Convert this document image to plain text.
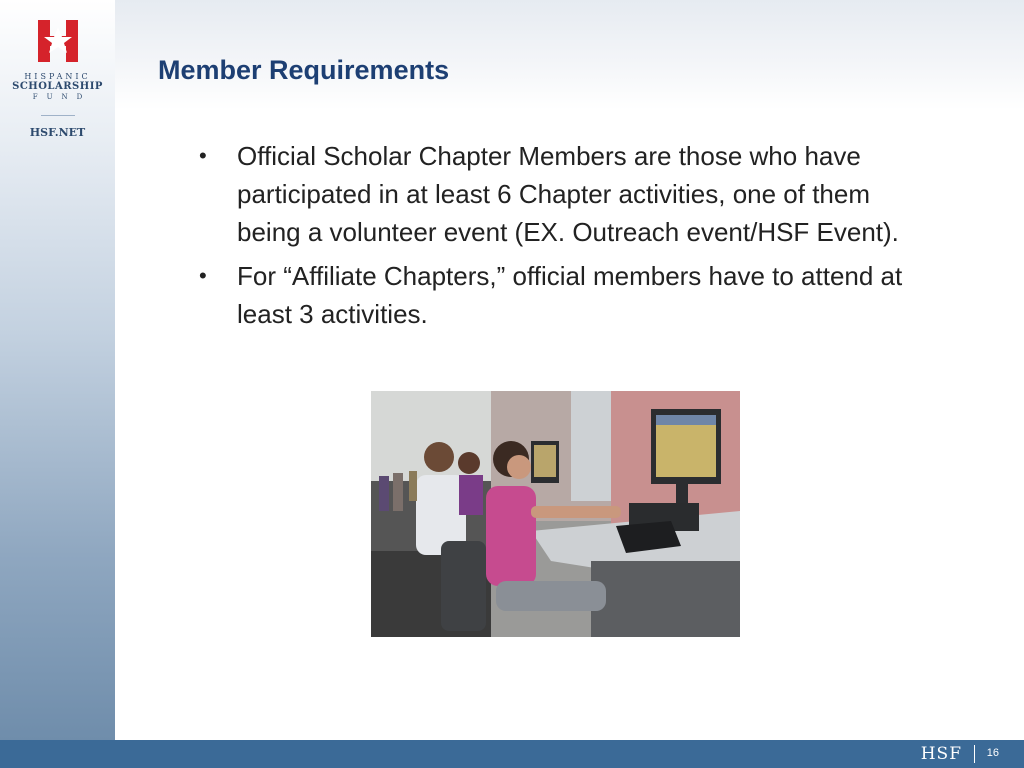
HISPANIC
SCHOLARSHIP
FUND
HSF.NET
Member Requirements
• Official Scholar Chapter Members are those who have participated in at least 6 Chapter activities, one of them being a volunteer event (EX. Outreach event/HSF Event).
• For “Affiliate Chapters,” official members have to attend at least 3 activities.
HSF 16
